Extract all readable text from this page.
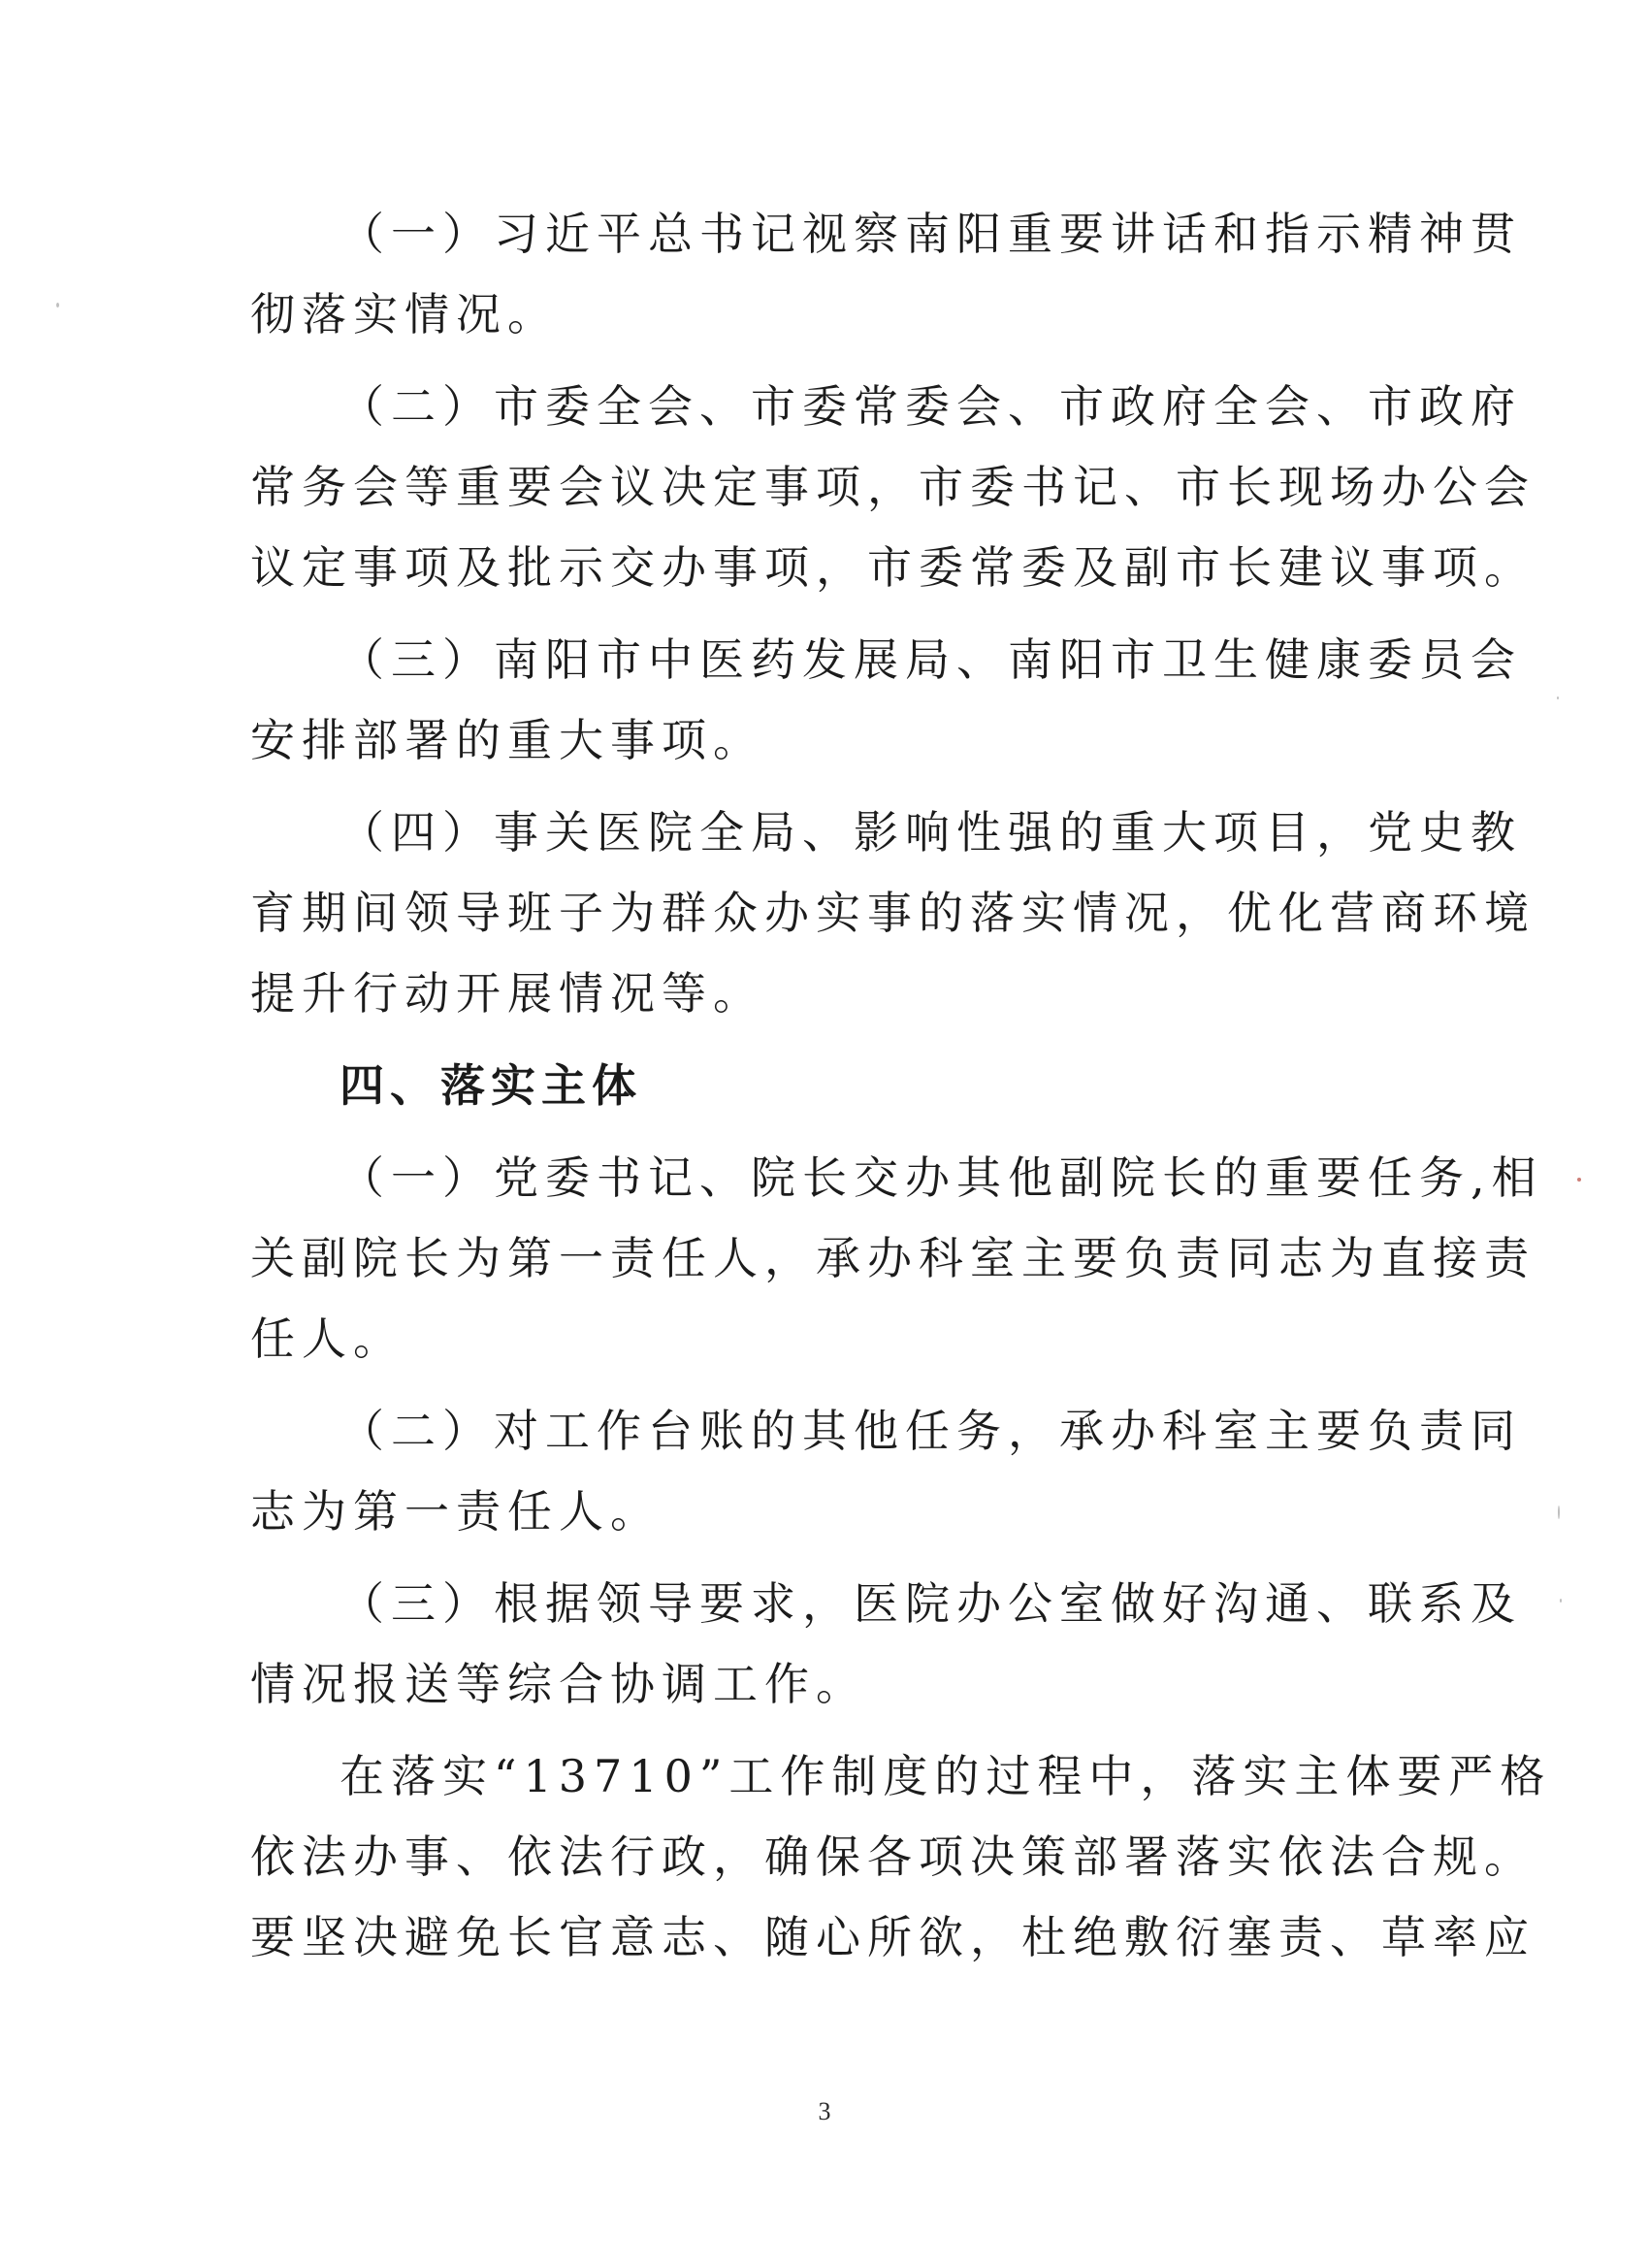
（一）习近平总书记视察南阳重要讲话和指示精神贯
彻落实情况。
（二）市委全会、市委常委会、市政府全会、市政府
常务会等重要会议决定事项，市委书记、市长现场办公会
议定事项及批示交办事项，市委常委及副市长建议事项。
（三）南阳市中医药发展局、南阳市卫生健康委员会
安排部署的重大事项。
（四）事关医院全局、影响性强的重大项目，党史教
育期间领导班子为群众办实事的落实情况，优化营商环境
提升行动开展情况等。
四、落实主体
（一）党委书记、院长交办其他副院长的重要任务,相
关副院长为第一责任人，承办科室主要负责同志为直接责
任人。
（二）对工作台账的其他任务，承办科室主要负责同
志为第一责任人。
（三）根据领导要求，医院办公室做好沟通、联系及
情况报送等综合协调工作。
在落实“13710”工作制度的过程中，落实主体要严格
依法办事、依法行政，确保各项决策部署落实依法合规。
要坚决避免长官意志、随心所欲，杜绝敷衍塞责、草率应
3
